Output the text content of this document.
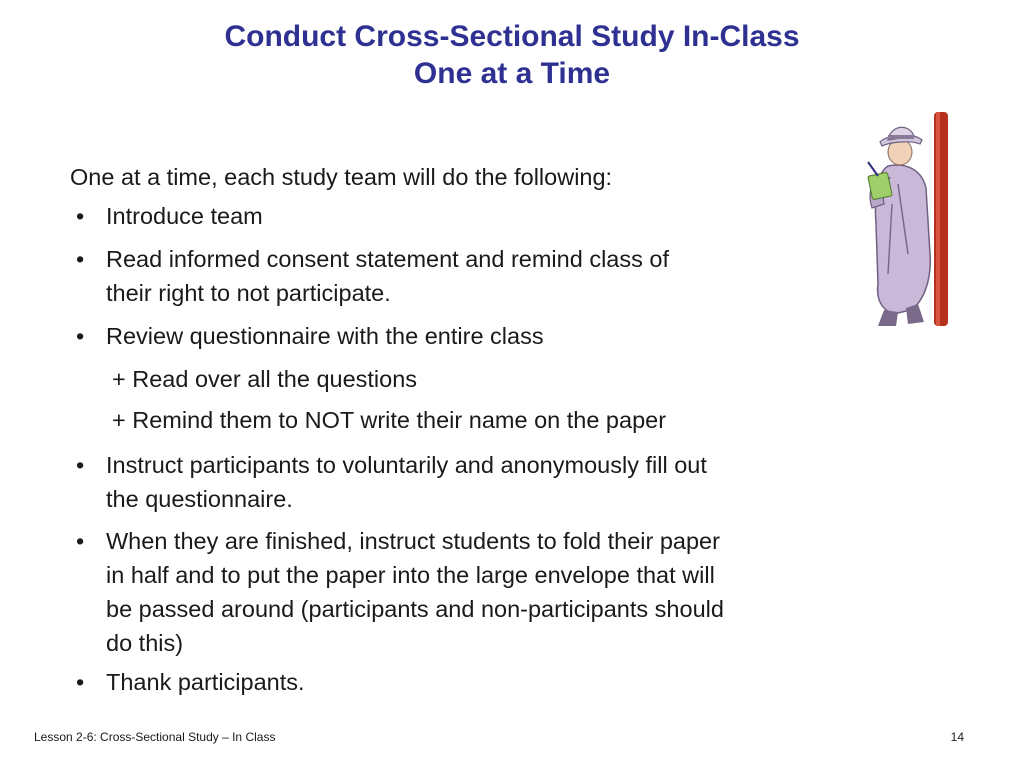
Conduct Cross-Sectional Study In-Class
One at a Time
One at a time, each study team will do the following:
• Introduce team
• Read informed consent statement and remind class of
their right to not participate.
• Review questionnaire with the entire class
+ Read over all the questions
+ Remind them to NOT write their name on the paper
• Instruct participants to voluntarily and anonymously fill out
the questionnaire.
• When they are finished, instruct students to fold their paper
in half and to put the paper into the large envelope that will
be passed around (participants and non-participants should
do this)
• Thank participants.
Lesson 2-6: Cross-Sectional Study – In Class	14
